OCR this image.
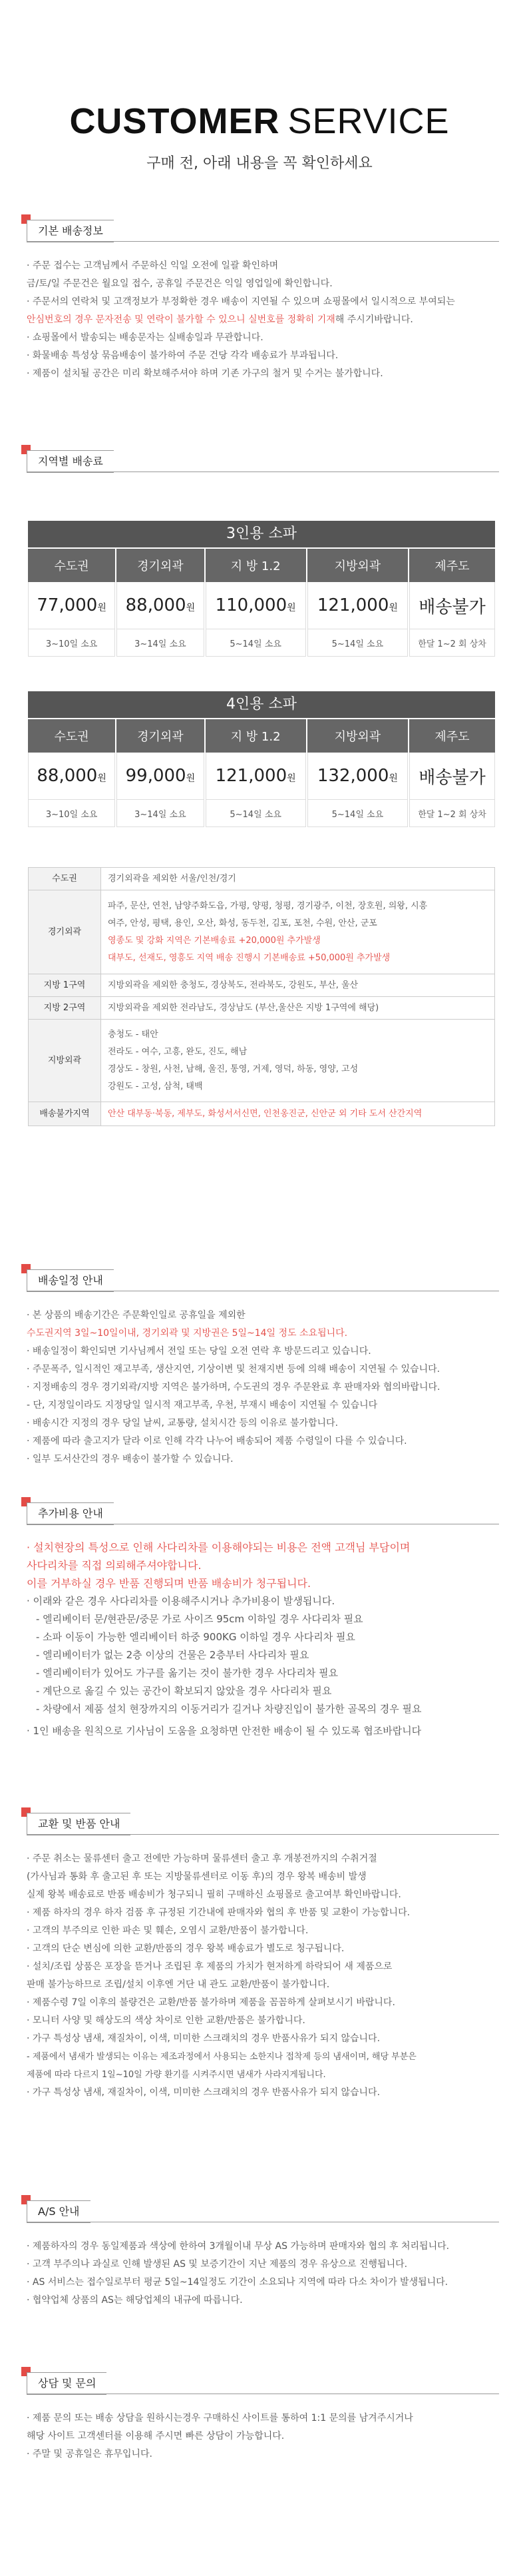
CUSTOMER SERVICE
구매 전, 아래 내용을 꼭 확인하세요
기본 배송정보
· 주문 접수는 고객님께서 주문하신 익일 오전에 일괄 확인하며
금/토/일 주문건은 월요일 접수, 공휴일 주문건은 익일 영업일에 확인합니다.
· 주문서의 연락처 및 고객정보가 부정확한 경우 배송이 지연될 수 있으며 쇼핑몰에서 일시적으로 부여되는
안심번호의 경우 문자전송 및 연락이 불가할 수 있으니 실번호를 정확히 기재해 주시기바랍니다.
· 쇼핑몰에서 발송되는 배송문자는 실배송일과 무관합니다.
· 화물배송 특성상 묶음배송이 불가하여 주문 건당 각각 배송료가 부과됩니다.
· 제품이 설치될 공간은 미리 확보해주셔야 하며 기존 가구의 철거 및 수거는 불가합니다.
지역별 배송료
3인용 소파
수도권	경기외곽	지 방 1.2	지방외곽	제주도
77,000원	88,000원	110,000원	121,000원	배송불가
3~10일 소요	3~14일 소요	5~14일 소요	5~14일 소요	한달 1~2 회 상차
4인용 소파
수도권	경기외곽	지 방 1.2	지방외곽	제주도
88,000원	99,000원	121,000원	132,000원	배송불가
3~10일 소요	3~14일 소요	5~14일 소요	5~14일 소요	한달 1~2 회 상차
수도권	경기외곽을 제외한 서울/인천/경기
경기외곽	파주, 문산, 연천, 남양주화도읍, 가평, 양평, 청평, 경기광주, 이천, 장호원, 의왕, 시흥
여주, 안성, 평택, 용인, 오산, 화성, 동두천, 김포, 포천, 수원, 안산, 군포
영종도 및 강화 지역은 기본배송료 +20,000원 추가발생
대부도, 선재도, 영흥도 지역 배송 진행시 기본배송료 +50,000원 추가발생

지방 1구역	지방외곽을 제외한 충청도, 경상북도, 전라북도, 강원도, 부산, 울산
지방 2구역	지방외곽을 제외한 전라남도, 경상남도 (부산,울산은 지방 1구역에 해당)
지방외곽	충청도 - 태안
전라도 - 여수, 고흥, 완도, 진도, 해남
경상도 - 창원, 사천, 남해, 울진, 통영, 거제, 영덕, 하동, 영양, 고성
강원도 - 고성, 삼척, 태백

배송불가지역	안산 대부동·북동, 제부도, 화성서서신면, 인천옹진군, 신안군 외 기타 도서 산간지역
배송일정 안내
· 본 상품의 배송기간은 주문확인일로 공휴일을 제외한
수도권지역 3일~10일이내, 경기외곽 및 지방권은 5일~14일 정도 소요됩니다.
· 배송일정이 확인되면 기사님께서 전일 또는 당일 오전 연락 후 방문드리고 있습니다.
· 주문폭주, 일시적인 재고부족, 생산지연, 기상이변 및 천재지변 등에 의해 배송이 지연될 수 있습니다.
· 지정배송의 경우 경기외곽/지방 지역은 불가하며, 수도권의 경우 주문완료 후 판매자와 협의바랍니다.
- 단, 지정일이라도 지정당일 일시적 재고부족, 우천, 부재시 배송이 지연될 수 있습니다
· 배송시간 지정의 경우 당일 날씨, 교통량, 설치시간 등의 이유로 불가합니다.
· 제품에 따라 출고지가 달라 이로 인해 각각 나누어 배송되어 제품 수령일이 다를 수 있습니다.
· 일부 도서산간의 경우 배송이 불가할 수 있습니다.
추가비용 안내
· 설치현장의 특성으로 인해 사다리차를 이용해야되는 비용은 전액 고객님 부담이며
사다리차를 직접 의뢰해주셔야합니다.
이를 거부하실 경우 반품 진행되며 반품 배송비가 청구됩니다.
· 이래와 같은 경우 사다리차를 이용해주시거나 추가비용이 발생됩니다.
- 엘리베이터 문/현관문/중문 가로 사이즈 95cm 이하일 경우 사다리차 필요
- 소파 이동이 가능한 엘리베이터 하중 900KG 이하일 경우 사다리차 필요
- 엘리베이터가 없는 2층 이상의 건물은 2층부터 사다리차 필요
- 엘리베이터가 있어도 가구를 옮기는 것이 불가한 경우 사다리차 필요
- 계단으로 옮길 수 있는 공간이 확보되지 않았을 경우 사다리차 필요
- 차량에서 제품 설치 현장까지의 이동거리가 길거나 차량진입이 불가한 골목의 경우 필요
· 1인 배송을 원칙으로 기사님이 도움을 요청하면 안전한 배송이 될 수 있도록 협조바랍니다
교환 및 반품 안내
· 주문 취소는 물류센터 출고 전에만 가능하며 물류센터 출고 후 개봉전까지의 수취거절
(가사님과 통화 후 출고된 후 또는 지방물류센터로 이동 후)의 경우 왕복 배송비 발생
실제 왕복 배송료로 반품 배송비가 청구되니 필히 구매하신 쇼핑몰로 출고여부 확인바랍니다.
· 제품 하자의 경우 하자 검품 후 규정된 기간내에 판매자와 협의 후 반품 및 교환이 가능합니다.
· 고객의 부주의로 인한 파손 및 훼손, 오염시 교환/반품이 불가합니다.
· 고객의 단순 변심에 의한 교환/반품의 경우 왕복 배송료가 별도로 청구됩니다.
· 설치/조립 상품은 포장을 뜯거나 조립된 후 제품의 가치가 현저하게 하락되어 새 제품으로
판매 불가능하므로 조립/설치 이후엔 거단 내 관도 교환/반품이 불가합니다.
· 제품수령 7일 이후의 불량건은 교환/반품 불가하며 제품을 꼼꼼하게 살펴보시기 바랍니다.
· 모니터 사양 및 해상도의 색상 차이로 인한 교환/반품은 불가합니다.
· 가구 특성상 냄새, 재질차이, 이색, 미미한 스크래치의 경우 반품사유가 되지 않습니다.
- 제품에서 냄새가 발생되는 이유는 제조과정에서 사용되는 소한지나 접착제 등의 냄새이며, 해당 부분은
제품에 따라 다르지 1일~10일 가량 환기를 시켜주시면 냄새가 사라지게됩니다.
· 가구 특성상 냄새, 재질차이, 이색, 미미한 스크래치의 경우 반품사유가 되지 않습니다.
A/S 안내
· 제품하자의 경우 동일제품과 색상에 한하여 3개월이내 무상 AS 가능하며 판매자와 협의 후 처리됩니다.
· 고객 부주의나 과실로 인해 발생된 AS 및 보증기간이 지난 제품의 경우 유상으로 진행됩니다.
· AS 서비스는 접수일로부터 평균 5일~14일정도 기간이 소요되나 지역에 따라 다소 차이가 발생됩니다.
· 협약업체 상품의 AS는 해당업체의 내규에 따릅니다.
상담 및 문의
· 제품 문의 또는 배송 상담을 원하시는경우 구매하신 사이트를 통하여 1:1 문의를 남겨주시거나
해당 사이트 고객센터를 이용해 주시면 빠른 상담이 가능합니다.
· 주말 및 공휴일은 휴무입니다.
